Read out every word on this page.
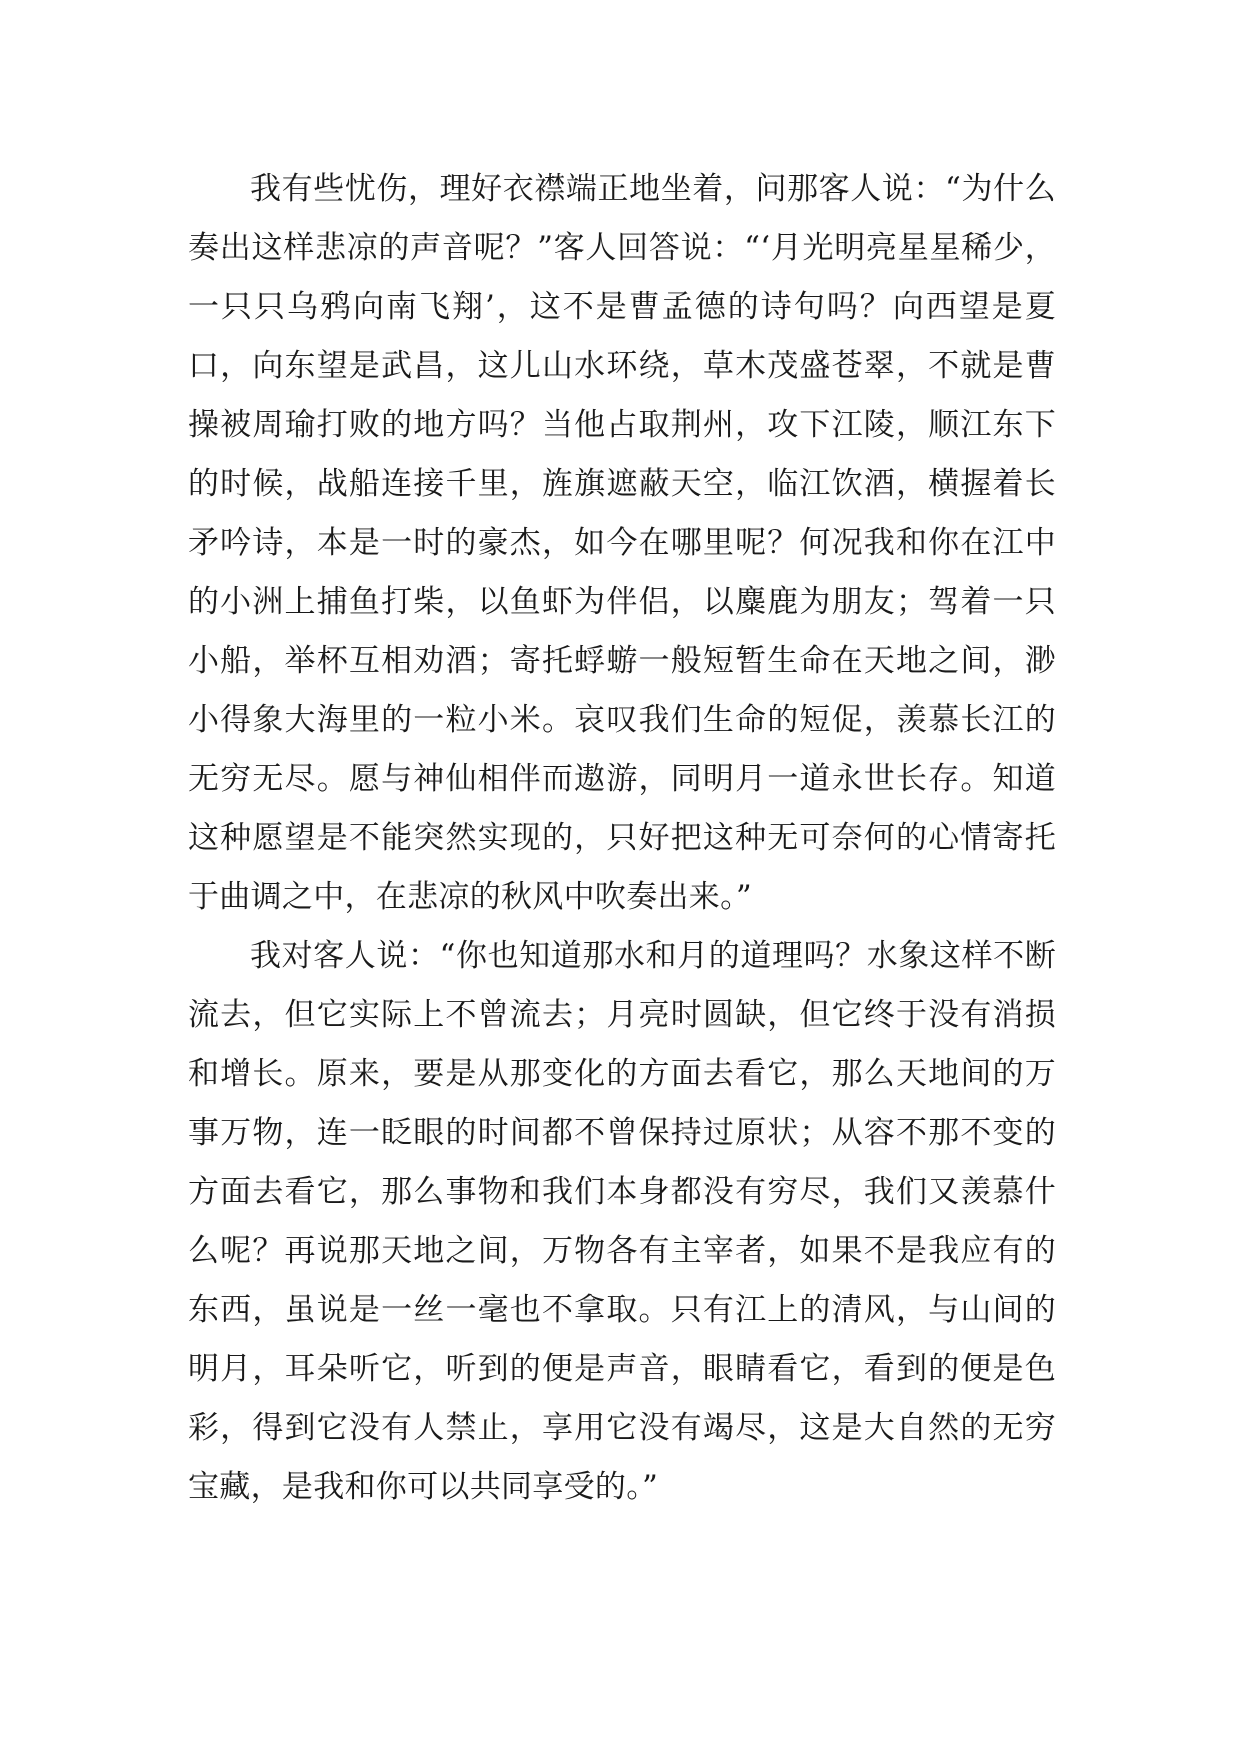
我有些忧伤，理好衣襟端正地坐着，问那客人说：“为什么奏出这样悲凉的声音呢？”客人回答说：“‘月光明亮星星稀少，一只只乌鸦向南飞翔’，这不是曹孟德的诗句吗？向西望是夏口，向东望是武昌，这儿山水环绕，草木茂盛苍翠，不就是曹操被周瑜打败的地方吗？当他占取荆州，攻下江陵，顺江东下的时候，战船连接千里，旌旗遮蔽天空，临江饮酒，横握着长矛吟诗，本是一时的豪杰，如今在哪里呢？何况我和你在江中的小洲上捕鱼打柴，以鱼虾为伴侣，以麋鹿为朋友；驾着一只小船，举杯互相劝酒；寄托蜉蝣一般短暂生命在天地之间，渺小得象大海里的一粒小米。哀叹我们生命的短促，羡慕长江的无穷无尽。愿与神仙相伴而遨游，同明月一道永世长存。知道这种愿望是不能突然实现的，只好把这种无可奈何的心情寄托于曲调之中，在悲凉的秋风中吹奏出来。”

我对客人说：“你也知道那水和月的道理吗？水象这样不断流去，但它实际上不曾流去；月亮时圆缺，但它终于没有消损和增长。原来，要是从那变化的方面去看它，那么天地间的万事万物，连一眨眼的时间都不曾保持过原状；从容不那不变的方面去看它，那么事物和我们本身都没有穷尽，我们又羡慕什么呢？再说那天地之间，万物各有主宰者，如果不是我应有的东西，虽说是一丝一毫也不拿取。只有江上的清风，与山间的明月，耳朵听它，听到的便是声音，眼睛看它，看到的便是色彩，得到它没有人禁止，享用它没有竭尽，这是大自然的无穷宝藏，是我和你可以共同享受的。”
